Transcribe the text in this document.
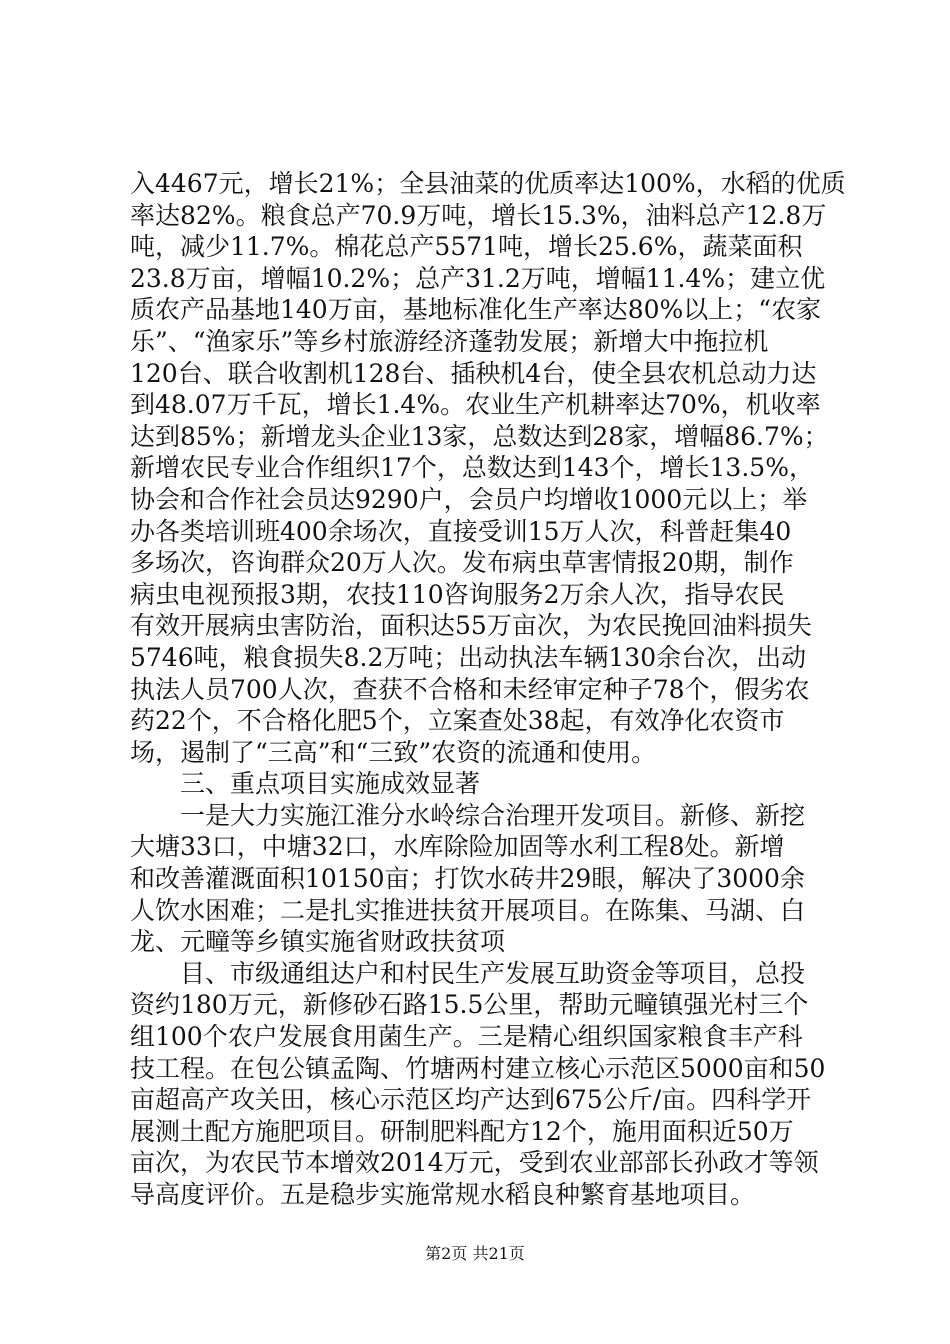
入4467元，增长21%；全县油菜的优质率达100%，水稻的优质
率达82%。粮食总产70.9万吨，增长15.3%，油料总产12.8万
吨，减少11.7%。棉花总产5571吨，增长25.6%，蔬菜面积
23.8万亩，增幅10.2%；总产31.2万吨，增幅11.4%；建立优
质农产品基地140万亩，基地标准化生产率达80%以上；“农家
乐”、“渔家乐”等乡村旅游经济蓬勃发展；新增大中拖拉机
120台、联合收割机128台、插秧机4台，使全县农机总动力达
到48.07万千瓦，增长1.4%。农业生产机耕率达70%，机收率
达到85%；新增龙头企业13家，总数达到28家，增幅86.7%；
新增农民专业合作组织17个，总数达到143个，增长13.5%，
协会和合作社会员达9290户，会员户均增收1000元以上；举
办各类培训班400余场次，直接受训15万人次，科普赶集40
多场次，咨询群众20万人次。发布病虫草害情报20期，制作
病虫电视预报3期，农技110咨询服务2万余人次，指导农民
有效开展病虫害防治，面积达55万亩次，为农民挽回油料损失
5746吨，粮食损失8.2万吨；出动执法车辆130余台次，出动
执法人员700人次，查获不合格和未经审定种子78个，假劣农
药22个，不合格化肥5个，立案查处38起，有效净化农资市
场，遏制了“三高”和“三致”农资的流通和使用。
三、重点项目实施成效显著
一是大力实施江淮分水岭综合治理开发项目。新修、新挖
大塘33口，中塘32口，水库除险加固等水利工程8处。新增
和改善灌溉面积10150亩；打饮水砖井29眼，解决了3000余
人饮水困难；二是扎实推进扶贫开展项目。在陈集、马湖、白
龙、元疃等乡镇实施省财政扶贫项
目、市级通组达户和村民生产发展互助资金等项目，总投
资约180万元，新修砂石路15.5公里，帮助元疃镇强光村三个
组100个农户发展食用菌生产。三是精心组织国家粮食丰产科
技工程。在包公镇孟陶、竹塘两村建立核心示范区5000亩和50
亩超高产攻关田，核心示范区均产达到675公斤/亩。四科学开
展测土配方施肥项目。研制肥料配方12个，施用面积近50万
亩次，为农民节本增效2014万元，受到农业部部长孙政才等领
导高度评价。五是稳步实施常规水稻良种繁育基地项目。
第2页 共21页
